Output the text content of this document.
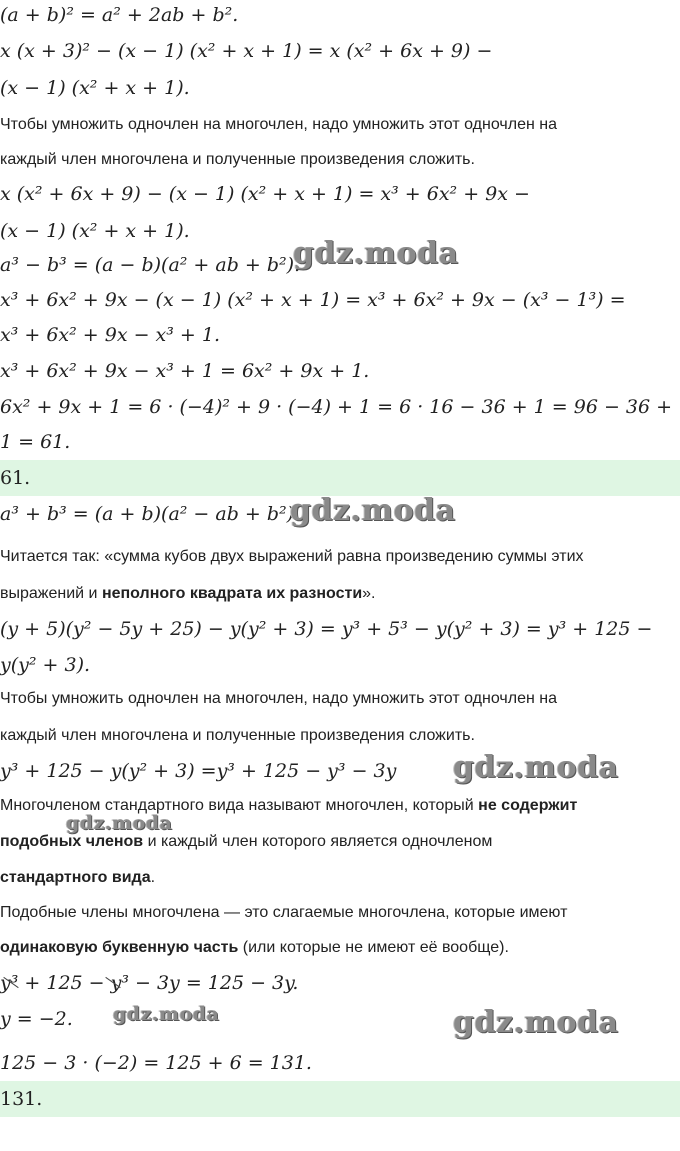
(a + b)² = a² + 2ab + b².
x (x + 3)² − (x − 1) (x² + x + 1) = x (x² + 6x + 9) −
(x − 1) (x² + x + 1).
Чтобы умножить одночлен на многочлен, надо умножить этот одночлен на
каждый член многочлена и полученные произведения сложить.
x (x² + 6x + 9) − (x − 1) (x² + x + 1) = x³ + 6x² + 9x −
(x − 1) (x² + x + 1).
a³ − b³ = (a − b)(a² + ab + b²).
gdz.moda
x³ + 6x² + 9x − (x − 1) (x² + x + 1) = x³ + 6x² + 9x − (x³ − 1³) =
x³ + 6x² + 9x − x³ + 1.
x³ + 6x² + 9x − x³ + 1 = 6x² + 9x + 1.
6x² + 9x + 1 = 6 · (−4)² + 9 · (−4) + 1 = 6 · 16 − 36 + 1 = 96 − 36 +
1 = 61.
61.
a³ + b³ = (a + b)(a² − ab + b²)
gdz.moda
Читается так: «сумма кубов двух выражений равна произведению суммы этих
выражений и неполного квадрата их разности».
(y + 5)(y² − 5y + 25) − y(y² + 3) = y³ + 5³ − y(y² + 3) = y³ + 125 −
y(y² + 3).
Чтобы умножить одночлен на многочлен, надо умножить этот одночлен на
каждый член многочлена и полученные произведения сложить.
y³ + 125 − y(y² + 3) =y³ + 125 − y³ − 3y gdz.moda
Многочленом стандартного вида называют многочлен, который не содержит
gdz.moda
подобных членов и каждый член которого является одночленом
стандартного вида.
Подобные члены многочлена — это слагаемые многочлена, которые имеют
одинаковую буквенную часть (или которые не имеют её вообще).
y³ + 125 − y³ − 3y = 125 − 3y.
y = −2. gdz.moda	gdz.moda
125 − 3 · (−2) = 125 + 6 = 131.
131.
